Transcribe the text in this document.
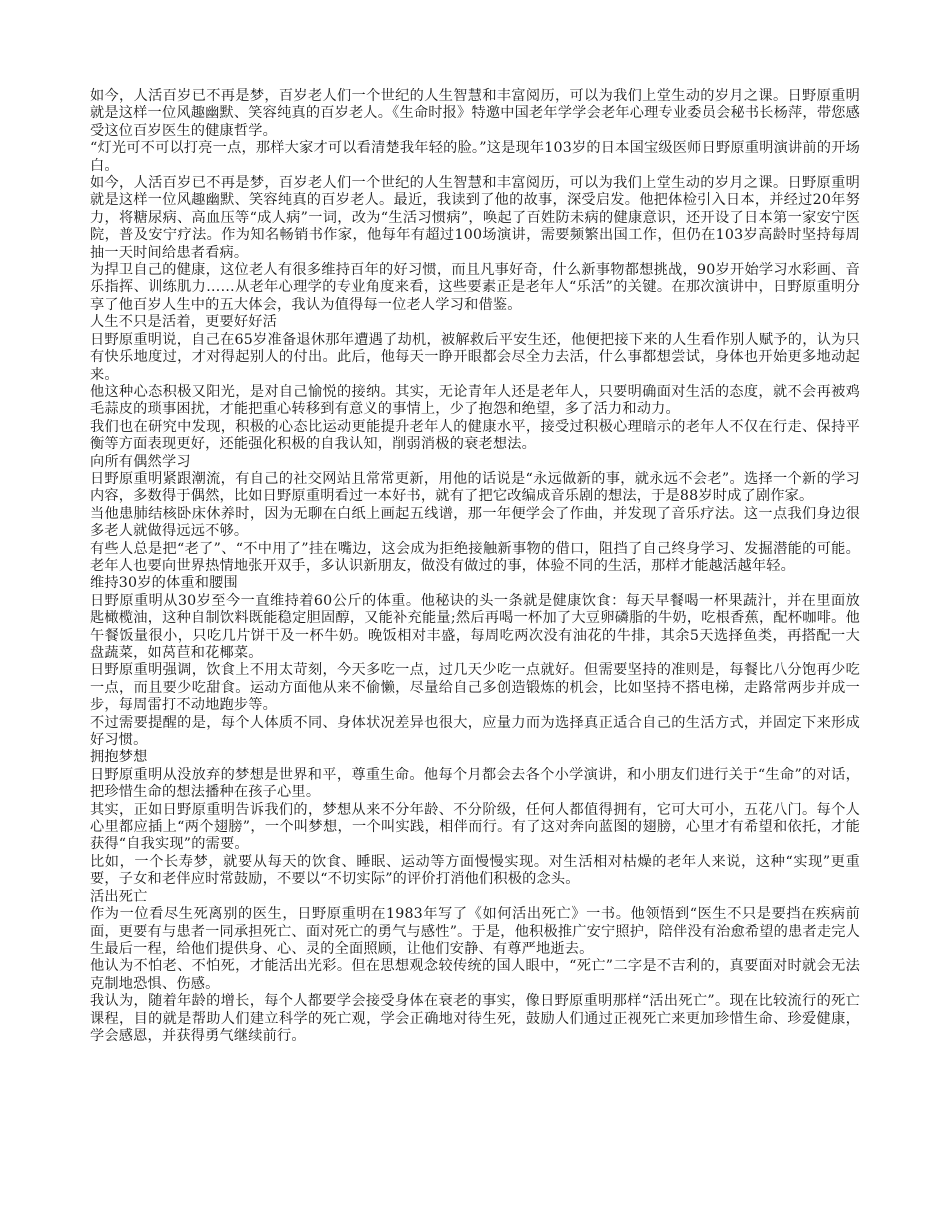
如今，人活百岁已不再是梦，百岁老人们一个世纪的人生智慧和丰富阅历，可以为我们上堂生动的岁月之课。日野原重明就是这样一位风趣幽默、笑容纯真的百岁老人。《生命时报》特邀中国老年学学会老年心理专业委员会秘书长杨萍，带您感受这位百岁医生的健康哲学。

“灯光可不可以打亮一点，那样大家才可以看清楚我年轻的脸。”这是现年103岁的日本国宝级医师日野原重明演讲前的开场白。

如今，人活百岁已不再是梦，百岁老人们一个世纪的人生智慧和丰富阅历，可以为我们上堂生动的岁月之课。日野原重明就是这样一位风趣幽默、笑容纯真的百岁老人。最近，我读到了他的故事，深受启发。他把体检引入日本，并经过20年努力，将糖尿病、高血压等“成人病”一词，改为“生活习惯病”，唤起了百姓防未病的健康意识，还开设了日本第一家安宁医院，普及安宁疗法。作为知名畅销书作家，他每年有超过100场演讲，需要频繁出国工作，但仍在103岁高龄时坚持每周抽一天时间给患者看病。

为捍卫自己的健康，这位老人有很多维持百年的好习惯，而且凡事好奇，什么新事物都想挑战，90岁开始学习水彩画、音乐指挥、训练肌力……从老年心理学的专业角度来看，这些要素正是老年人“乐活”的关键。在那次演讲中，日野原重明分享了他百岁人生中的五大体会，我认为值得每一位老人学习和借鉴。

人生不只是活着，更要好好活

日野原重明说，自己在65岁准备退休那年遭遇了劫机，被解救后平安生还，他便把接下来的人生看作别人赋予的，认为只有快乐地度过，才对得起别人的付出。此后，他每天一睁开眼都会尽全力去活，什么事都想尝试，身体也开始更多地动起来。

他这种心态积极又阳光，是对自己愉悦的接纳。其实，无论青年人还是老年人，只要明确面对生活的态度，就不会再被鸡毛蒜皮的琐事困扰，才能把重心转移到有意义的事情上，少了抱怨和绝望，多了活力和动力。

我们也在研究中发现，积极的心态比运动更能提升老年人的健康水平，接受过积极心理暗示的老年人不仅在行走、保持平衡等方面表现更好，还能强化积极的自我认知，削弱消极的衰老想法。

向所有偶然学习

日野原重明紧跟潮流，有自己的社交网站且常常更新，用他的话说是“永远做新的事，就永远不会老”。选择一个新的学习内容，多数得于偶然，比如日野原重明看过一本好书，就有了把它改编成音乐剧的想法，于是88岁时成了剧作家。

当他患肺结核卧床休养时，因为无聊在白纸上画起五线谱，那一年便学会了作曲，并发现了音乐疗法。这一点我们身边很多老人就做得远远不够。

有些人总是把“老了”、“不中用了”挂在嘴边，这会成为拒绝接触新事物的借口，阻挡了自己终身学习、发掘潜能的可能。老年人也要向世界热情地张开双手，多认识新朋友，做没有做过的事，体验不同的生活，那样才能越活越年轻。

维持30岁的体重和腰围

日野原重明从30岁至今一直维持着60公斤的体重。他秘诀的头一条就是健康饮食：每天早餐喝一杯果蔬汁，并在里面放匙橄榄油，这种自制饮料既能稳定胆固醇，又能补充能量;然后再喝一杯加了大豆卵磷脂的牛奶，吃根香蕉，配杯咖啡。他午餐饭量很小，只吃几片饼干及一杯牛奶。晚饭相对丰盛，每周吃两次没有油花的牛排，其余5天选择鱼类，再搭配一大盘蔬菜，如莴苣和花椰菜。

日野原重明强调，饮食上不用太苛刻，今天多吃一点，过几天少吃一点就好。但需要坚持的准则是，每餐比八分饱再少吃一点，而且要少吃甜食。运动方面他从来不偷懒，尽量给自己多创造锻炼的机会，比如坚持不搭电梯，走路常两步并成一步，每周雷打不动地跑步等。

不过需要提醒的是，每个人体质不同、身体状况差异也很大，应量力而为选择真正适合自己的生活方式，并固定下来形成好习惯。

拥抱梦想

日野原重明从没放弃的梦想是世界和平，尊重生命。他每个月都会去各个小学演讲，和小朋友们进行关于“生命”的对话，把珍惜生命的想法播种在孩子心里。

其实，正如日野原重明告诉我们的，梦想从来不分年龄、不分阶级，任何人都值得拥有，它可大可小，五花八门。每个人心里都应插上“两个翅膀”，一个叫梦想，一个叫实践，相伴而行。有了这对奔向蓝图的翅膀，心里才有希望和依托，才能获得“自我实现”的需要。

比如，一个长寿梦，就要从每天的饮食、睡眠、运动等方面慢慢实现。对生活相对枯燥的老年人来说，这种“实现”更重要，子女和老伴应时常鼓励，不要以“不切实际”的评价打消他们积极的念头。

活出死亡

作为一位看尽生死离别的医生，日野原重明在1983年写了《如何活出死亡》一书。他领悟到“医生不只是要挡在疾病前面，更要有与患者一同承担死亡、面对死亡的勇气与感性”。于是，他积极推广安宁照护，陪伴没有治愈希望的患者走完人生最后一程，给他们提供身、心、灵的全面照顾，让他们安静、有尊严地逝去。

他认为不怕老、不怕死，才能活出光彩。但在思想观念较传统的国人眼中，“死亡”二字是不吉利的，真要面对时就会无法克制地恐惧、伤感。

我认为，随着年龄的增长，每个人都要学会接受身体在衰老的事实，像日野原重明那样“活出死亡”。现在比较流行的死亡课程，目的就是帮助人们建立科学的死亡观，学会正确地对待生死，鼓励人们通过正视死亡来更加珍惜生命、珍爱健康，学会感恩，并获得勇气继续前行。
